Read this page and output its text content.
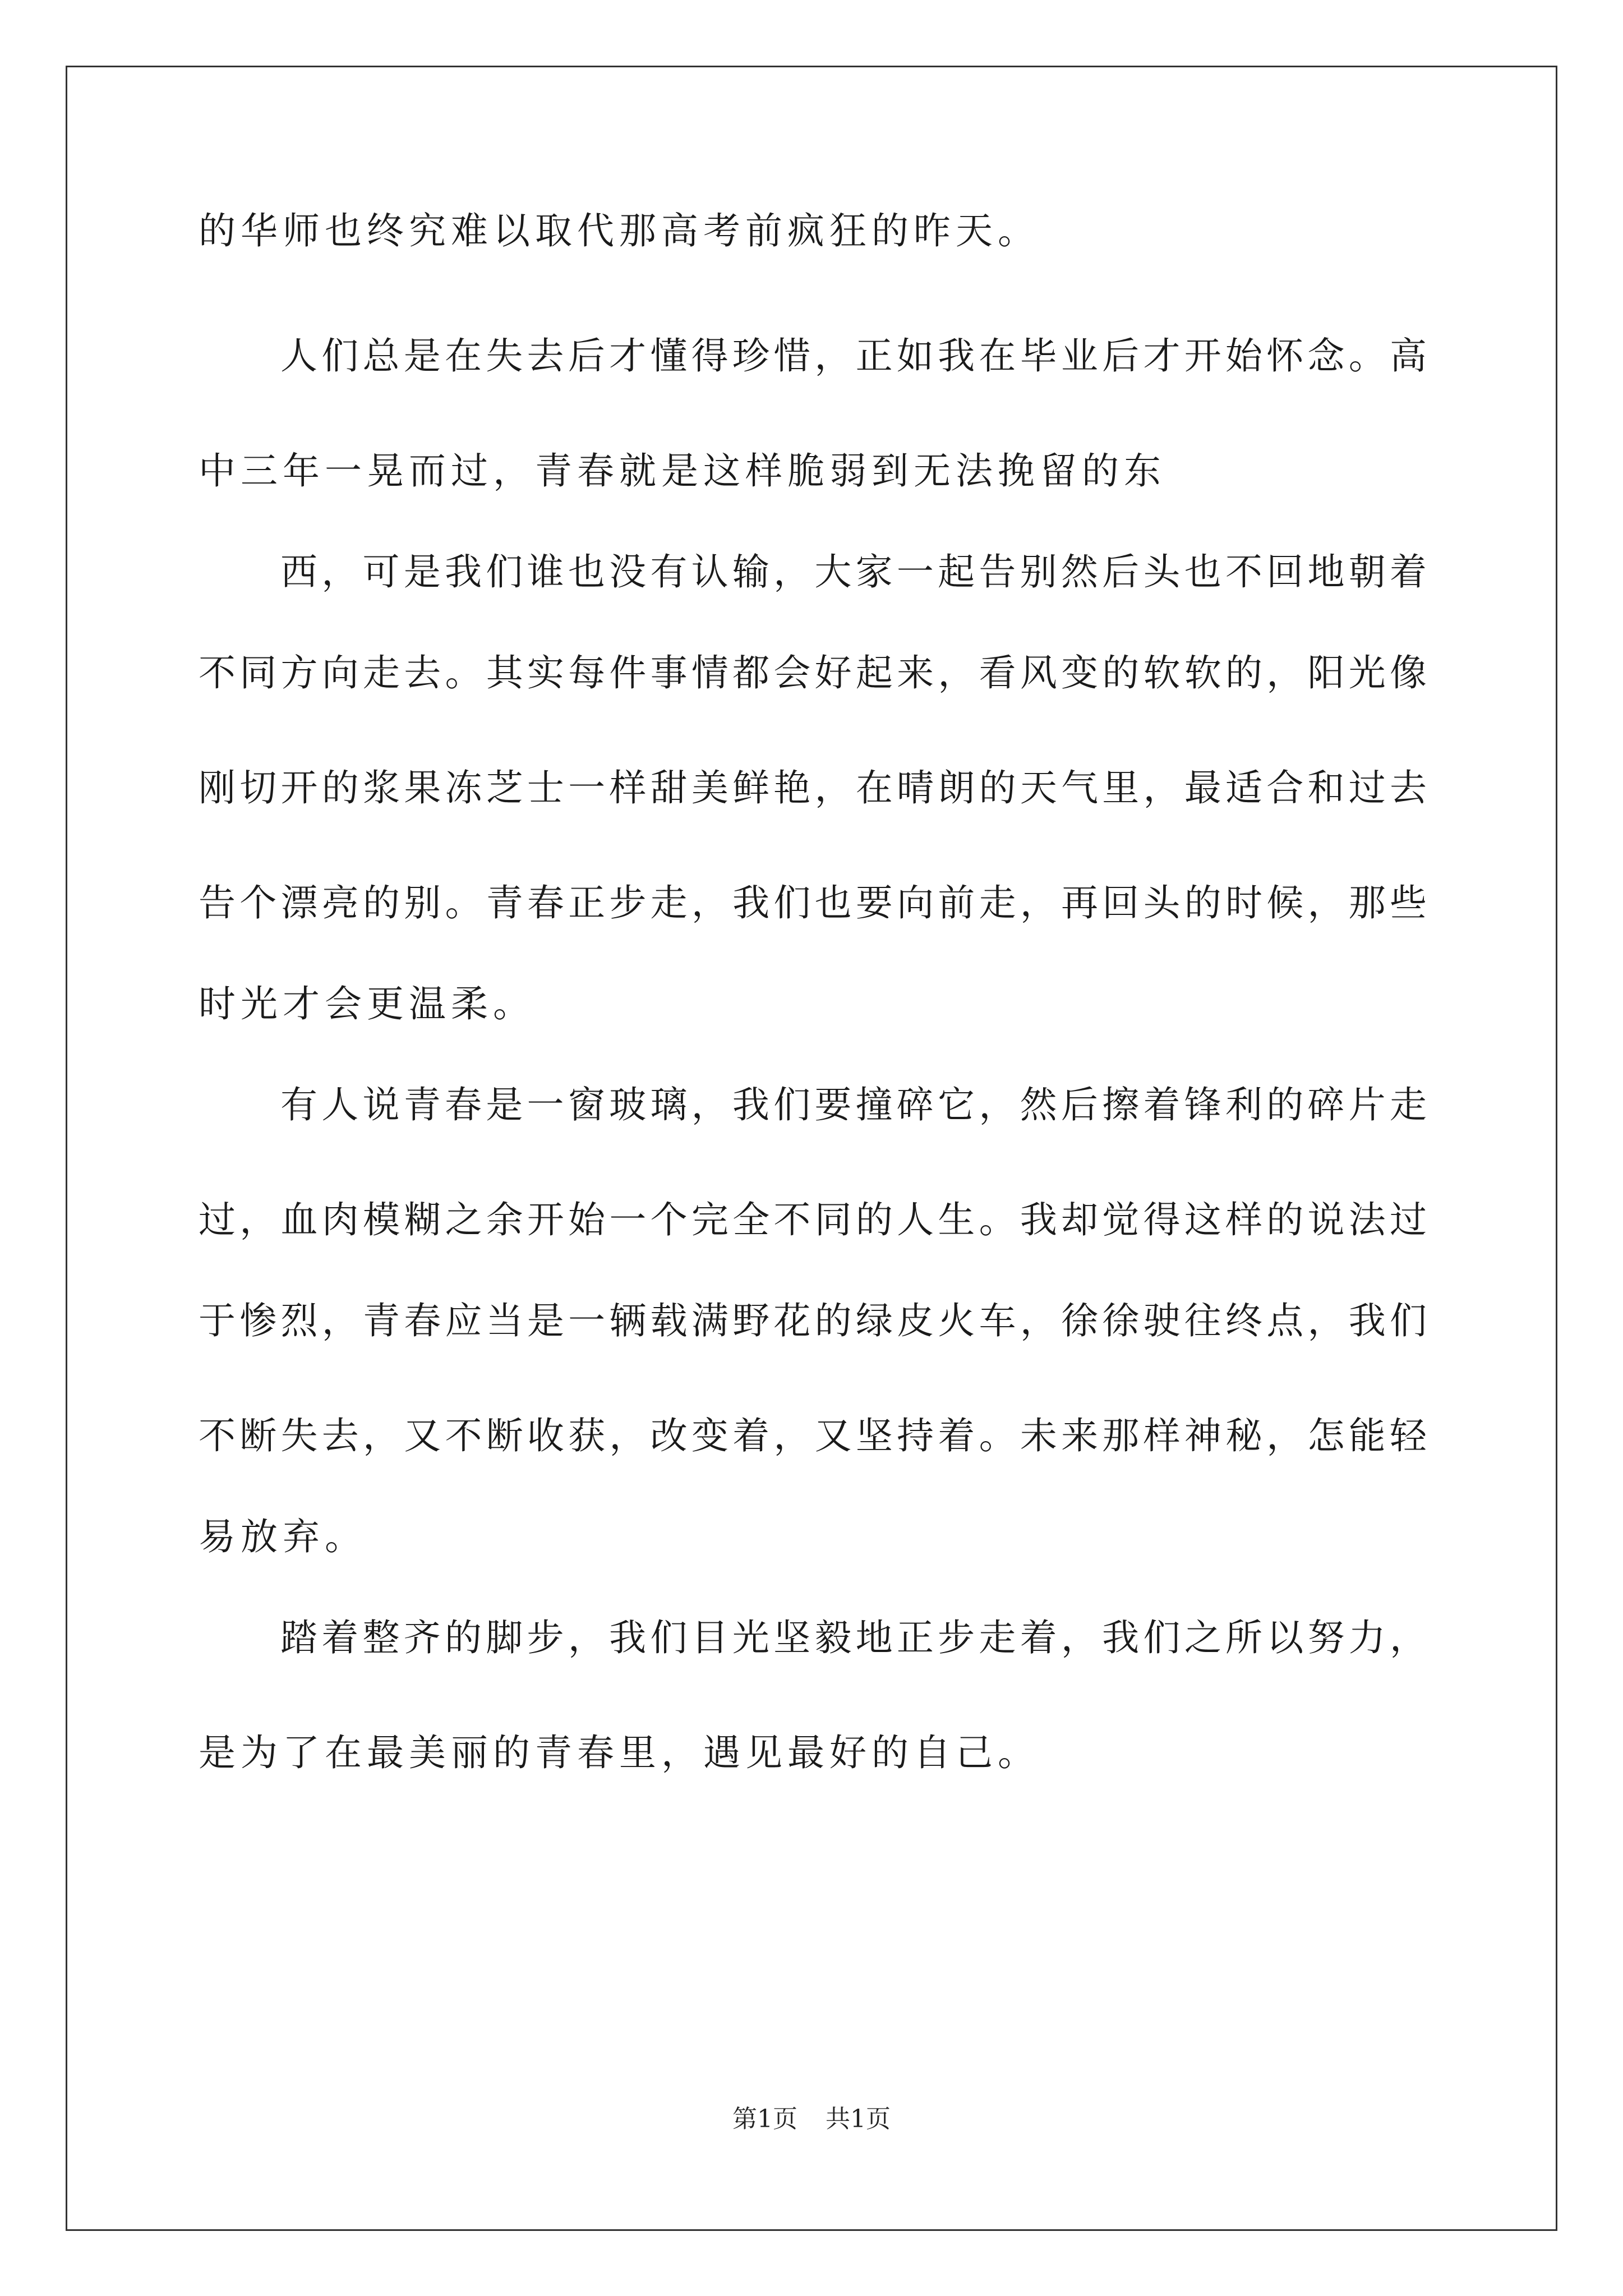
的华师也终究难以取代那高考前疯狂的昨天。
人们总是在失去后才懂得珍惜，正如我在毕业后才开始怀念。高
中三年一晃而过，青春就是这样脆弱到无法挽留的东
西，可是我们谁也没有认输，大家一起告别然后头也不回地朝着
不同方向走去。其实每件事情都会好起来，看风变的软软的，阳光像
刚切开的浆果冻芝士一样甜美鲜艳，在晴朗的天气里，最适合和过去
告个漂亮的别。青春正步走，我们也要向前走，再回头的时候，那些
时光才会更温柔。
有人说青春是一窗玻璃，我们要撞碎它，然后擦着锋利的碎片走
过，血肉模糊之余开始一个完全不同的人生。我却觉得这样的说法过
于惨烈，青春应当是一辆载满野花的绿皮火车，徐徐驶往终点，我们
不断失去，又不断收获，改变着，又坚持着。未来那样神秘，怎能轻
易放弃。
踏着整齐的脚步，我们目光坚毅地正步走着，我们之所以努力，
是为了在最美丽的青春里，遇见最好的自己。
第1页 共1页
